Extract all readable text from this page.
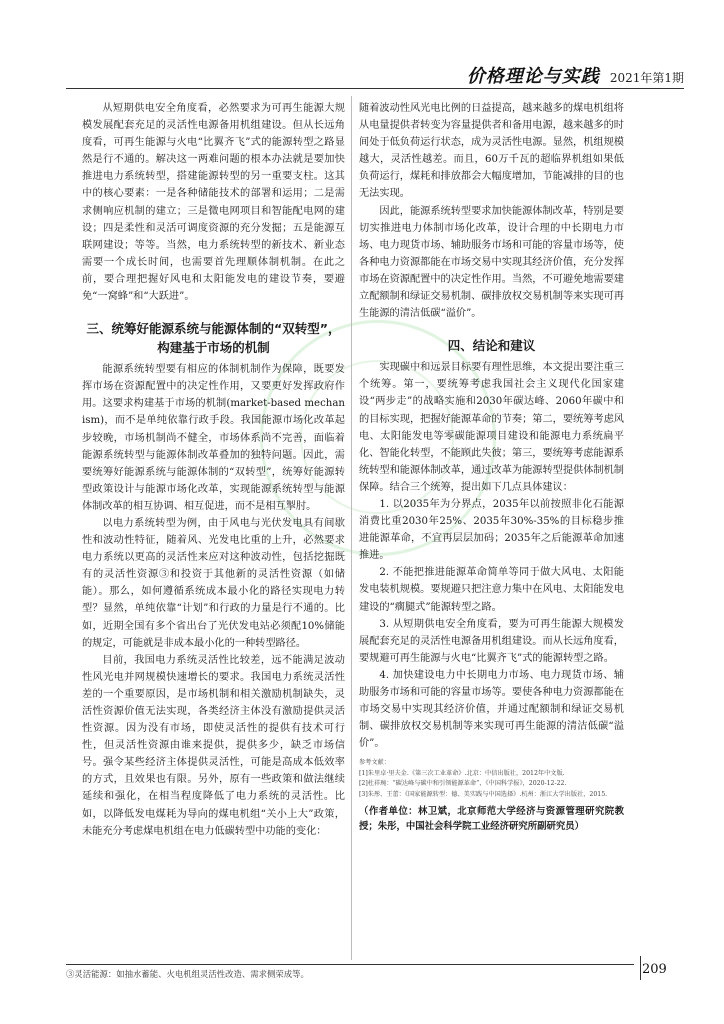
价格理论与实践 2021年第1期

从短期供电安全角度看，必然要求为可再生能源大规模发展配套充足的灵活性电源备用机组建设。但从长远角度看，可再生能源与火电“比翼齐飞”式的能源转型之路显然是行不通的。解决这一两难问题的根本办法就是要加快推进电力系统转型，搭建能源转型的另一重要支柱。这其中的核心要素：一是各种储能技术的部署和运用；二是需求侧响应机制的建立；三是微电网项目和智能配电网的建设；四是柔性和灵活可调度资源的充分发掘；五是能源互联网建设；等等。当然，电力系统转型的新技术、新业态需要一个成长时间，也需要首先理顺体制机制。在此之前，要合理把握好风电和太阳能发电的建设节奏，要避免“一窝蜂”和“大跃进”。

三、统筹好能源系统与能源体制的“双转型”，
构建基于市场的机制

能源系统转型要有相应的体制机制作为保障，既要发挥市场在资源配置中的决定性作用，又要更好发挥政府作用。这要求构建基于市场的机制(market-based mechanism)，而不是单纯依靠行政手段。我国能源市场化改革起步较晚，市场机制尚不健全，市场体系尚不完善，面临着能源系统转型与能源体制改革叠加的独特问题。因此，需要统筹好能源系统与能源体制的“双转型”，统筹好能源转型政策设计与能源市场化改革，实现能源系统转型与能源体制改革的相互协调、相互促进，而不是相互掣肘。

以电力系统转型为例，由于风电与光伏发电具有间歇性和波动性特征，随着风、光发电比重的上升，必然要求电力系统以更高的灵活性来应对这种波动性，包括挖掘既有的灵活性资源③和投资于其他新的灵活性资源（如储能）。那么，如何遵循系统成本最小化的路径实现电力转型？显然，单纯依靠“计划”和行政的力量是行不通的。比如，近期全国有多个省出台了光伏发电站必须配10%储能的规定，可能就是非成本最小化的一种转型路径。

目前，我国电力系统灵活性比较差，远不能满足波动性风光电并网规模快速增长的要求。我国电力系统灵活性差的一个重要原因，是市场机制和相关激励机制缺失，灵活性资源价值无法实现，各类经济主体没有激励提供灵活性资源。因为没有市场，即使灵活性的提供有技术可行性，但灵活性资源由谁来提供，提供多少，缺乏市场信号。强令某些经济主体提供灵活性，可能是高成本低效率的方式，且效果也有限。另外，原有一些政策和做法继续延续和强化，在相当程度降低了电力系统的灵活性。比如，以降低发电煤耗为导向的煤电机组“关小上大”政策，未能充分考虑煤电机组在电力低碳转型中功能的变化：

随着波动性风光电比例的日益提高，越来越多的煤电机组将从电量提供者转变为容量提供者和备用电源，越来越多的时间处于低负荷运行状态，成为灵活性电源。显然，机组规模越大，灵活性越差。而且，60万千瓦的超临界机组如果低负荷运行，煤耗和排放都会大幅度增加，节能减排的目的也无法实现。

因此，能源系统转型要求加快能源体制改革，特别是要切实推进电力体制市场化改革，设计合理的中长期电力市场、电力现货市场、辅助服务市场和可能的容量市场等，使各种电力资源都能在市场交易中实现其经济价值，充分发挥市场在资源配置中的决定性作用。当然，不可避免地需要建立配额制和绿证交易机制、碳排放权交易机制等来实现可再生能源的清洁低碳“溢价”。

四、结论和建议

实现碳中和远景目标要有理性思维，本文提出要注重三个统筹。第一，要统筹考虑我国社会主义现代化国家建设“两步走”的战略实施和2030年碳达峰、2060年碳中和的目标实现，把握好能源革命的节奏；第二，要统筹考虑风电、太阳能发电等零碳能源项目建设和能源电力系统扁平化、智能化转型，不能顾此失彼；第三，要统筹考虑能源系统转型和能源体制改革，通过改革为能源转型提供体制机制保障。结合三个统筹，提出如下几点具体建议：

1. 以2035年为分界点，2035年以前按照非化石能源消费比重2030年25%、2035年30%-35%的目标稳步推进能源革命，不宜再层层加码；2035年之后能源革命加速推进。

2. 不能把推进能源革命简单等同于做大风电、太阳能发电装机规模。要规避只把注意力集中在风电、太阳能发电建设的“瘸腿式”能源转型之路。

3. 从短期供电安全角度看，要为可再生能源大规模发展配套充足的灵活性电源备用机组建设。而从长远角度看，要规避可再生能源与火电“比翼齐飞”式的能源转型之路。

4. 加快建设电力中长期电力市场、电力现货市场、辅助服务市场和可能的容量市场等。要使各种电力资源都能在市场交易中实现其经济价值，并通过配额制和绿证交易机制、碳排放权交易机制等来实现可再生能源的清洁低碳“溢价”。

参考文献：
[1]朱里卓·里夫金.《第三次工业革命》.北京：中信出版社，2012年中文版.
[2]杜祥琬：“碳达峰与碳中和引领能源革命”，《中国科学报》，2020-12-22.
[3]朱彤、王蕾：《国家能源转型：德、美实践与中国选择》.杭州：浙江大学出版社，2015.
（作者单位：林卫斌，北京师范大学经济与资源管理研究院教授；朱彤，中国社会科学院工业经济研究所副研究员）
③灵活能源：如抽水蓄能、火电机组灵活性改造、需求侧荣成等。	209
